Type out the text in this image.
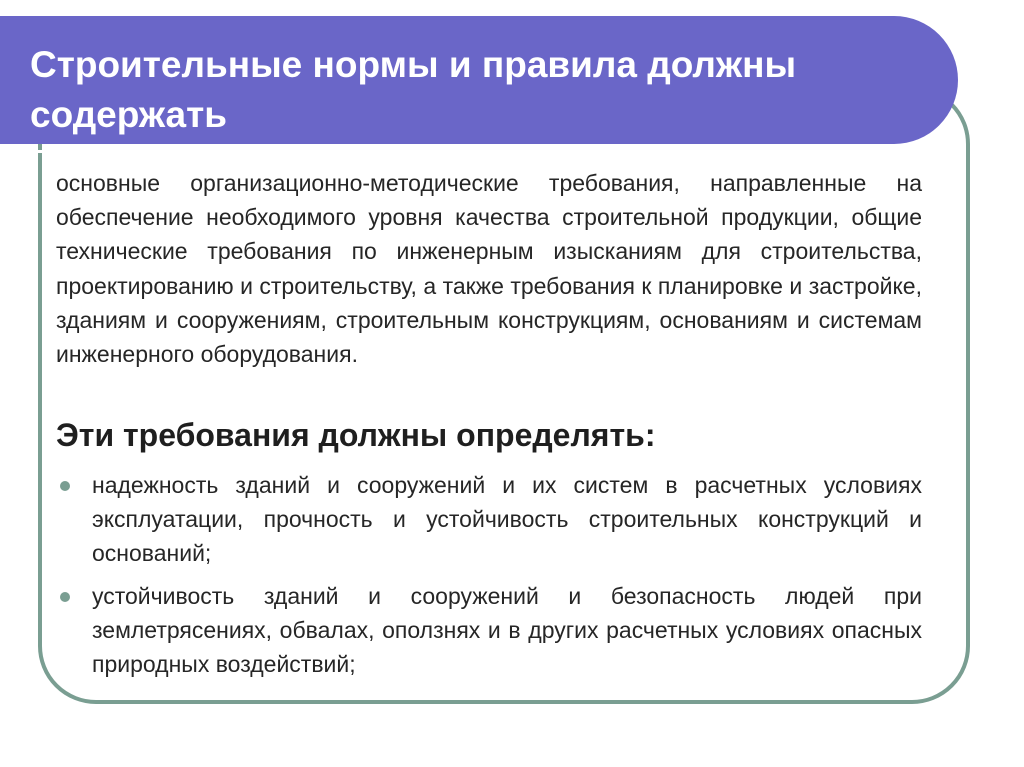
Строительные нормы и правила должны содержать

основные организационно-методические требования, направленные на обеспечение необходимого уровня качества строительной продукции, общие технические требования по инженерным изысканиям для строительства, проектированию и строительству, а также требования к планировке и застройке, зданиям и сооружениям, строительным конструкциям, основаниям и системам инженерного оборудования.

Эти требования должны определять:
надежность зданий и сооружений и их систем в расчетных условиях эксплуатации, прочность и устойчивость строительных конструкций и оснований;
устойчивость зданий и сооружений и безопасность людей при землетрясениях, обвалах, оползнях и в других расчетных условиях опасных природных воздействий;
